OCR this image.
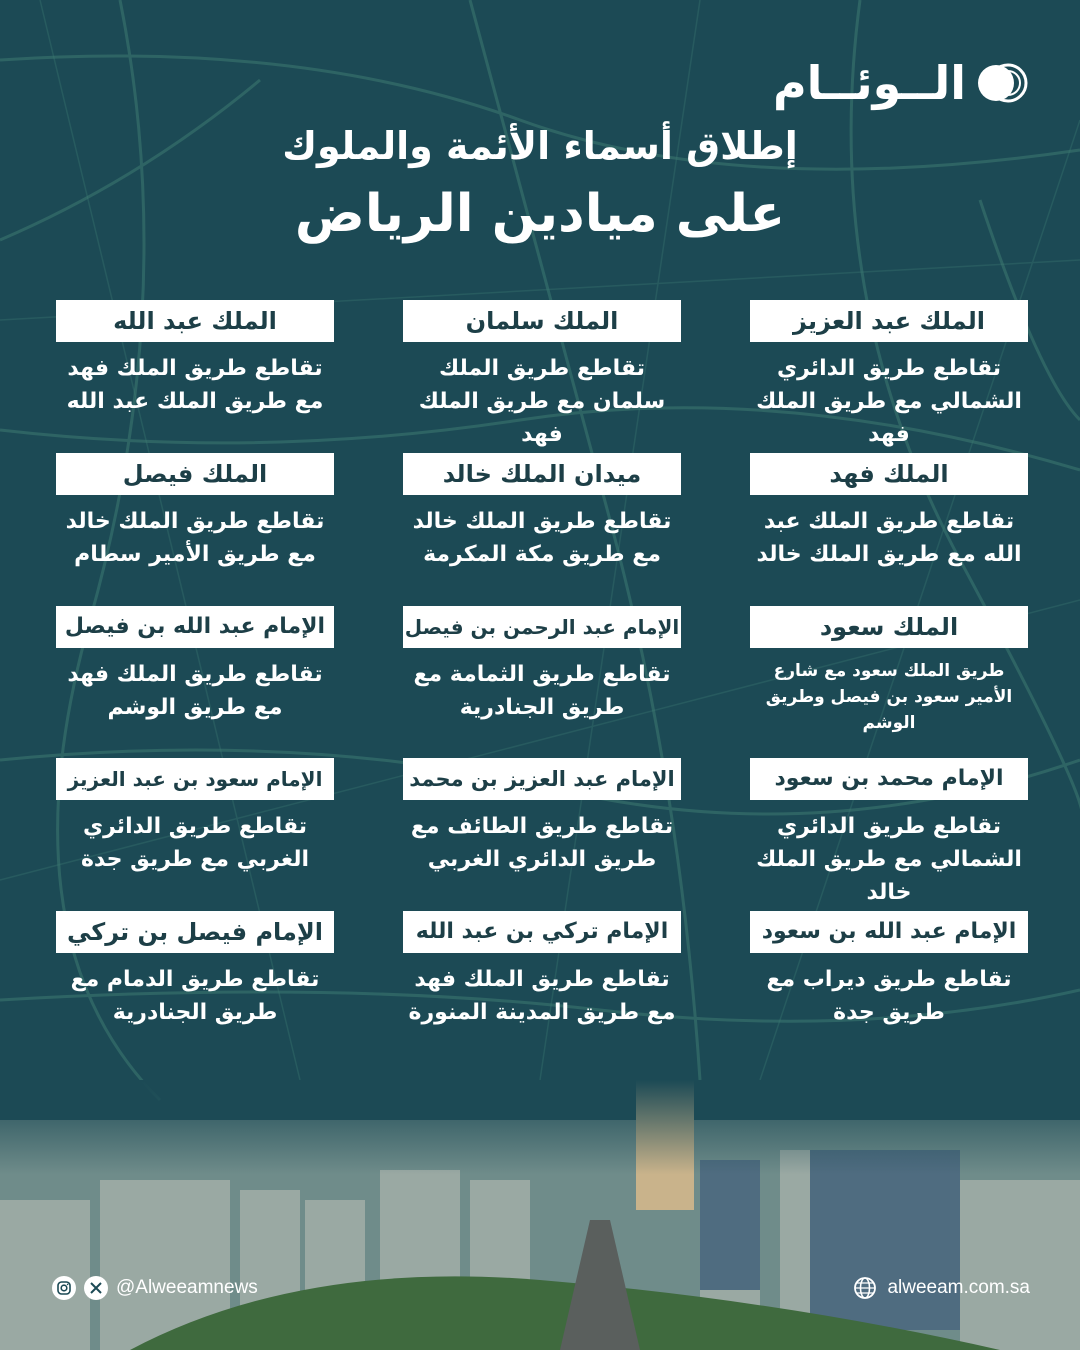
الــوئــام
إطلاق أسماء الأئمة والملوك
على ميادين الرياض
الملك عبد العزيز
تقاطع طريق الدائري الشمالي مع طريق الملك فهد
الملك سلمان
تقاطع طريق الملك سلمان مع طريق الملك فهد
الملك عبد الله
تقاطع طريق الملك فهد مع طريق الملك عبد الله
الملك فهد
تقاطع طريق الملك عبد الله مع طريق الملك خالد
ميدان الملك خالد
تقاطع طريق الملك خالد مع طريق مكة المكرمة
الملك فيصل
تقاطع طريق الملك خالد مع طريق الأمير سطام
الملك سعود
طريق الملك سعود مع شارع الأمير سعود بن فيصل وطريق الوشم
الإمام عبد الرحمن بن فيصل
تقاطع طريق الثمامة مع طريق الجنادرية
الإمام عبد الله بن فيصل
تقاطع طريق الملك فهد مع طريق الوشم
الإمام محمد بن سعود
تقاطع طريق الدائري الشمالي مع طريق الملك خالد
الإمام عبد العزيز بن محمد
تقاطع طريق الطائف مع طريق الدائري الغربي
الإمام سعود بن عبد العزيز
تقاطع طريق الدائري الغربي مع طريق جدة
الإمام عبد الله بن سعود
تقاطع طريق ديراب مع طريق جدة
الإمام تركي بن عبد الله
تقاطع طريق الملك فهد مع طريق المدينة المنورة
الإمام فيصل بن تركي
تقاطع طريق الدمام مع طريق الجنادرية
@Alweeamnews	alweeam.com.sa
